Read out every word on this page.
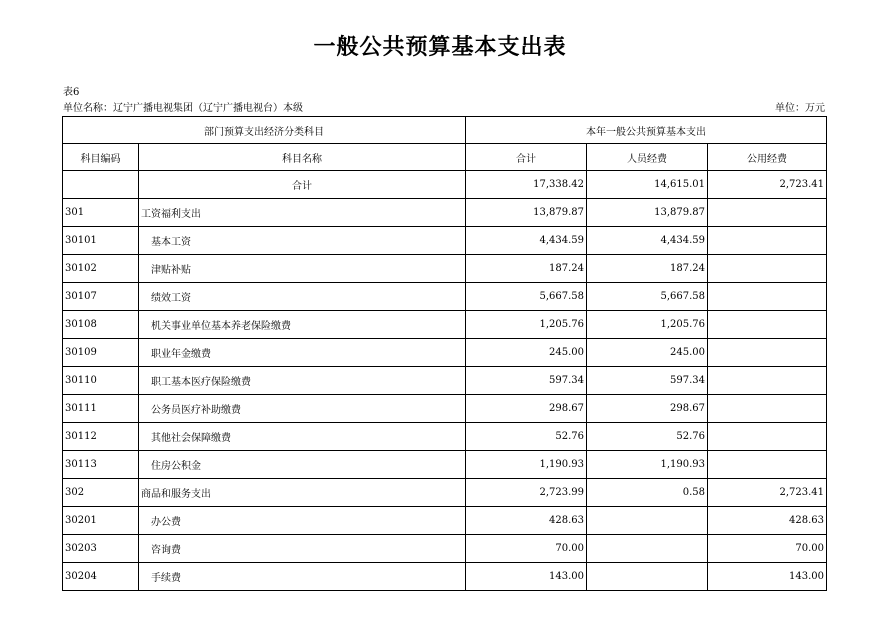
一般公共预算基本支出表
表6
单位名称：辽宁广播电视集团（辽宁广播电视台）本级	单位：万元
部门预算支出经济分类科目		本年一般公共预算基本支出		
科目编码	科目名称	合计	人员经费	公用经费
	合计	17,338.42	14,615.01	2,723.41
301	工资福利支出	13,879.87	13,879.87	
30101	基本工资	4,434.59	4,434.59	
30102	津贴补贴	187.24	187.24	
30107	绩效工资	5,667.58	5,667.58	
30108	机关事业单位基本养老保险缴费	1,205.76	1,205.76	
30109	职业年金缴费	245.00	245.00	
30110	职工基本医疗保险缴费	597.34	597.34	
30111	公务员医疗补助缴费	298.67	298.67	
30112	其他社会保障缴费	52.76	52.76	
30113	住房公积金	1,190.93	1,190.93	
302	商品和服务支出	2,723.99	0.58	2,723.41
30201	办公费	428.63		428.63
30203	咨询费	70.00		70.00
30204	手续费	143.00		143.00
